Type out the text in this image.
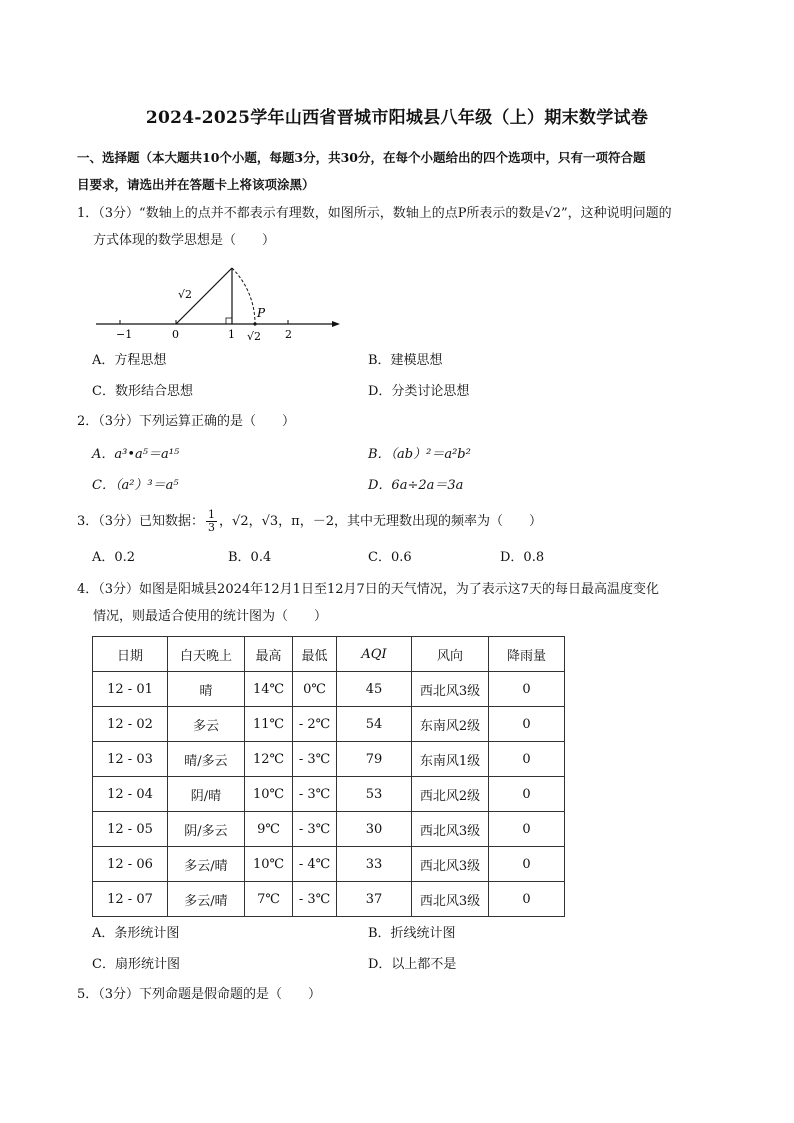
2024-2025学年山西省晋城市阳城县八年级（上）期末数学试卷
一、选择题（本大题共10个小题，每题3分，共30分，在每个小题给出的四个选项中，只有一项符合题
目要求，请选出并在答题卡上将该项涂黑）
1．（3分）“数轴上的点并不都表示有理数，如图所示，数轴上的点P所表示的数是√2”，这种说明问题的
方式体现的数学思想是（　　）
−1	0	1 √2 2
√2
P
A．方程思想	B．建模思想
C．数形结合思想	D．分类讨论思想
2．（3分）下列运算正确的是（　　）
A．a³•a⁵＝a¹⁵	B．（ab）²＝a²b²
C．（a²）³＝a⁵	D．6a÷2a＝3a
3．（3分）已知数据： $\frac{1}{3}$ ，√2，√3，π，－2，其中无理数出现的频率为（　　）
A．0.2	B．0.4	C．0.6	D．0.8
4．（3分）如图是阳城县2024年12月1日至12月7日的天气情况，为了表示这7天的每日最高温度变化
情况，则最适合使用的统计图为（　　）
日期	白天晚上	最高	最低	AQI	风向	降雨量
12 - 01	晴	14℃	0℃	45	西北风3级	0
12 - 02	多云	11℃	- 2℃	54	东南风2级	0
12 - 03	晴/多云	12℃	- 3℃	79	东南风1级	0
12 - 04	阴/晴	10℃	- 3℃	53	西北风2级	0
12 - 05	阴/多云	9℃	- 3℃	30	西北风3级	0
12 - 06	多云/晴	10℃	- 4℃	33	西北风3级	0
12 - 07	多云/晴	7℃	- 3℃	37	西北风3级	0
A．条形统计图	B．折线统计图
C．扇形统计图	D．以上都不是
5．（3分）下列命题是假命题的是（　　）
